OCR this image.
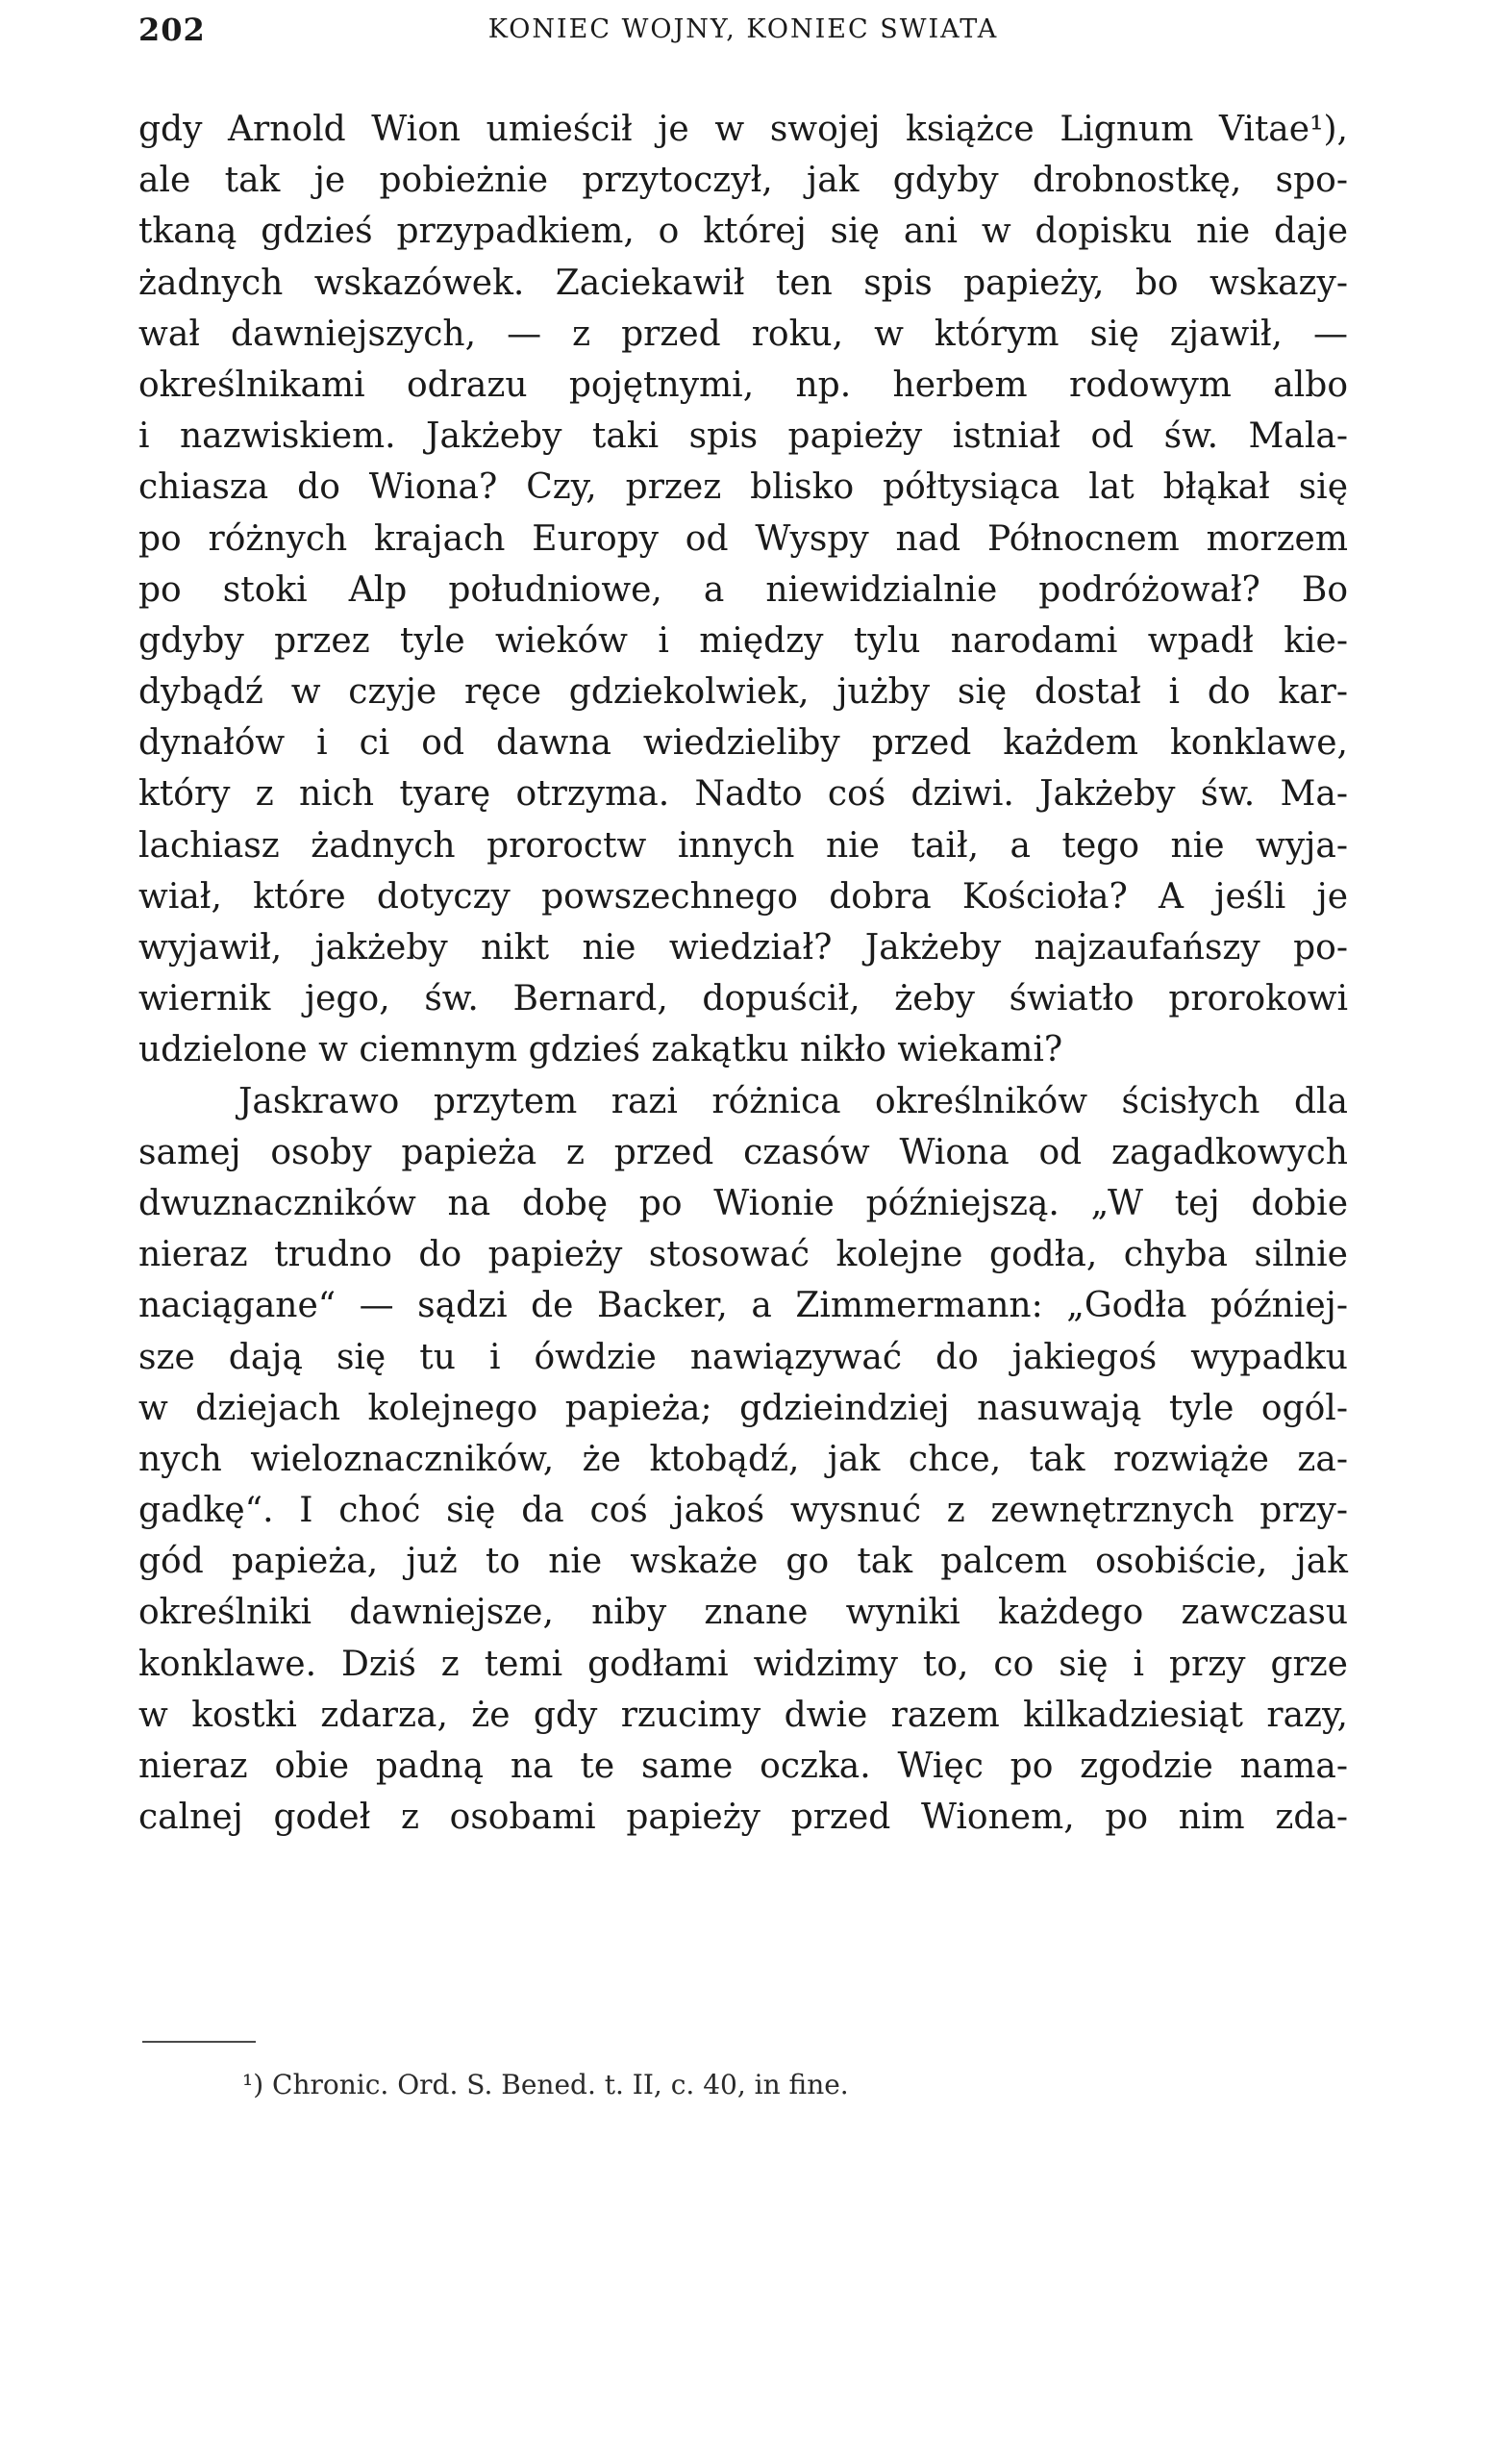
202	KONIEC WOJNY, KONIEC SWIATA
gdy Arnold Wion umieścił je w swojej książce Lignum Vitae¹),
ale tak je pobieżnie przytoczył, jak gdyby drobnostkę, spo-
tkaną gdzieś przypadkiem, o której się ani w dopisku nie daje
żadnych wskazówek. Zaciekawił ten spis papieży, bo wskazy-
wał dawniejszych, — z przed roku, w którym się zjawił, —
określnikami odrazu pojętnymi, np. herbem rodowym albo
i nazwiskiem. Jakżeby taki spis papieży istniał od św. Mala-
chiasza do Wiona? Czy, przez blisko półtysiąca lat błąkał się
po różnych krajach Europy od Wyspy nad Północnem morzem
po stoki Alp południowe, a niewidzialnie podróżował? Bo
gdyby przez tyle wieków i między tylu narodami wpadł kie-
dybądź w czyje ręce gdziekolwiek, jużby się dostał i do kar-
dynałów i ci od dawna wiedzieliby przed każdem konklawe,
który z nich tyarę otrzyma. Nadto coś dziwi. Jakżeby św. Ma-
lachiasz żadnych proroctw innych nie taił, a tego nie wyja-
wiał, które dotyczy powszechnego dobra Kościoła? A jeśli je
wyjawił, jakżeby nikt nie wiedział? Jakżeby najzaufańszy po-
wiernik jego, św. Bernard, dopuścił, żeby światło prorokowi
udzielone w ciemnym gdzieś zakątku nikło wiekami?
Jaskrawo przytem razi różnica określników ścisłych dla
samej osoby papieża z przed czasów Wiona od zagadkowych
dwuznaczników na dobę po Wionie późniejszą. „W tej dobie
nieraz trudno do papieży stosować kolejne godła, chyba silnie
naciągane“ — sądzi de Backer, a Zimmermann: „Godła później-
sze dają się tu i ówdzie nawiązywać do jakiegoś wypadku
w dziejach kolejnego papieża; gdzieindziej nasuwają tyle ogól-
nych wieloznaczników, że ktobądź, jak chce, tak rozwiąże za-
gadkę“. I choć się da coś jakoś wysnuć z zewnętrznych przy-
gód papieża, już to nie wskaże go tak palcem osobiście, jak
określniki dawniejsze, niby znane wyniki każdego zawczasu
konklawe. Dziś z temi godłami widzimy to, co się i przy grze
w kostki zdarza, że gdy rzucimy dwie razem kilkadziesiąt razy,
nieraz obie padną na te same oczka. Więc po zgodzie nama-
calnej godeł z osobami papieży przed Wionem, po nim zda-
¹) Chronic. Ord. S. Bened. t. II, c. 40, in fine.
